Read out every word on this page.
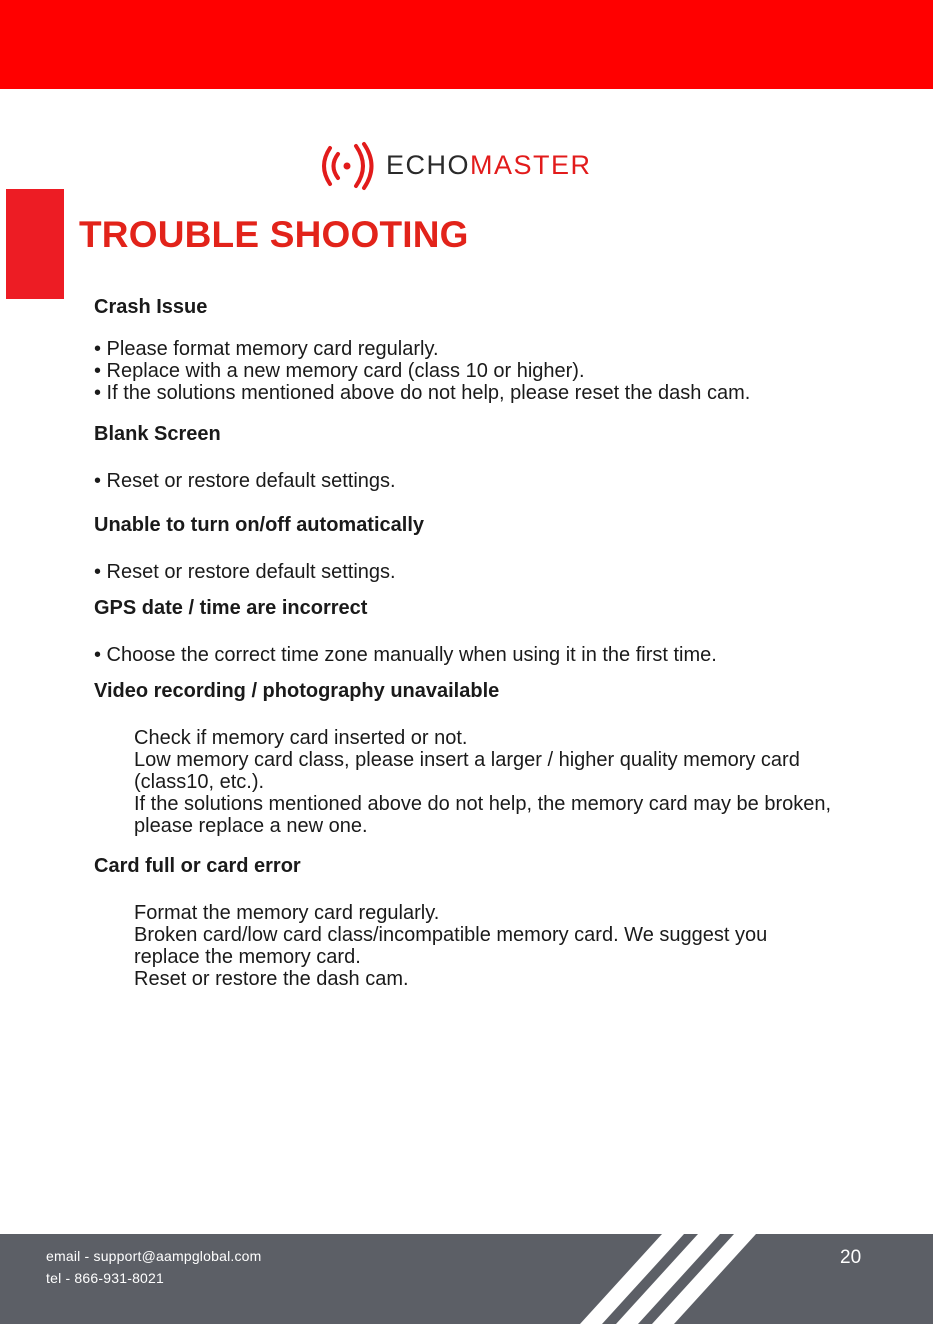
ECHOMASTER
TROUBLE SHOOTING
Crash Issue
• Please format memory card regularly.
• Replace with a new memory card (class 10 or higher).
• If the solutions mentioned above do not help, please reset the dash cam.
Blank Screen
• Reset or restore default settings.
Unable to turn on/off automatically
• Reset or restore default settings.
GPS date / time are incorrect
• Choose the correct time zone manually when using it in the first time.
Video recording / photography unavailable
Check if memory card inserted or not.
Low memory card class, please insert a larger / higher quality memory card
(class10, etc.).
If the solutions mentioned above do not help, the memory card may be broken,
please replace a new one.
Card full or card error
Format the memory card regularly.
Broken card/low card class/incompatible memory card. We suggest you
replace the memory card.
Reset or restore the dash cam.
email - support@aampglobal.com
tel - 866-931-8021
20
